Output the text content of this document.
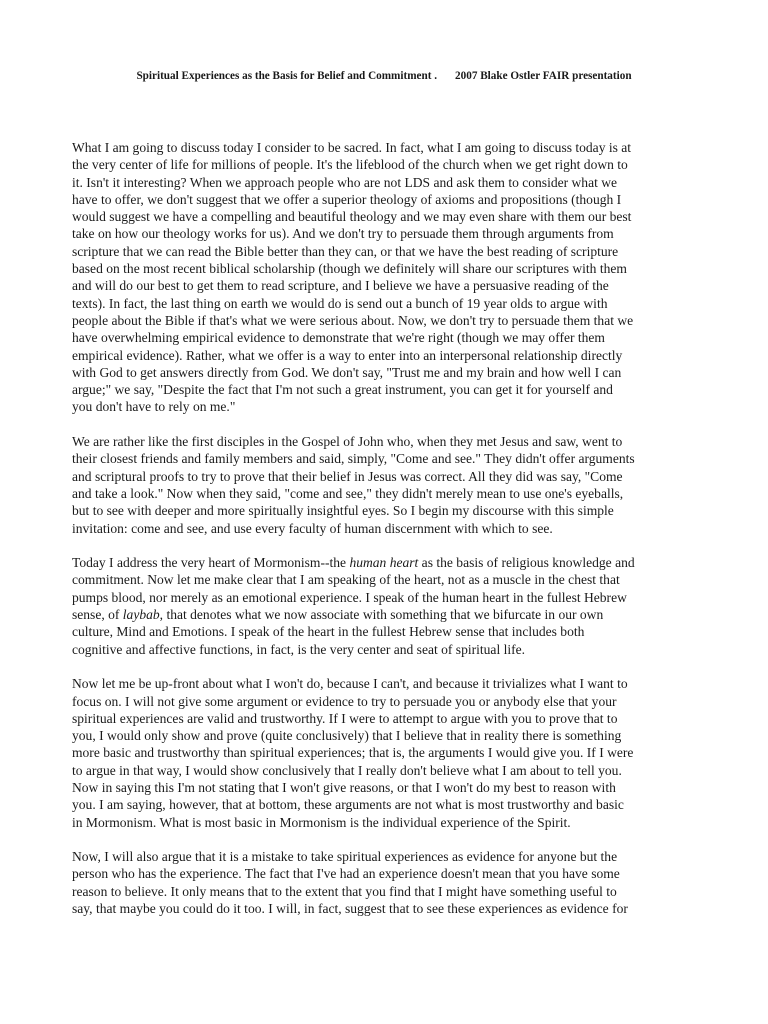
Spiritual Experiences as the Basis for Belief and Commitment . 2007 Blake Ostler FAIR presentation
What I am going to discuss today I consider to be sacred. In fact, what I am going to discuss today is at
the very center of life for millions of people. It's the lifeblood of the church when we get right down to
it. Isn't it interesting? When we approach people who are not LDS and ask them to consider what we
have to offer, we don't suggest that we offer a superior theology of axioms and propositions (though I
would suggest we have a compelling and beautiful theology and we may even share with them our best
take on how our theology works for us). And we don't try to persuade them through arguments from
scripture that we can read the Bible better than they can, or that we have the best reading of scripture
based on the most recent biblical scholarship (though we definitely will share our scriptures with them
and will do our best to get them to read scripture, and I believe we have a persuasive reading of the
texts). In fact, the last thing on earth we would do is send out a bunch of 19 year olds to argue with
people about the Bible if that's what we were serious about. Now, we don't try to persuade them that we
have overwhelming empirical evidence to demonstrate that we're right (though we may offer them
empirical evidence). Rather, what we offer is a way to enter into an interpersonal relationship directly
with God to get answers directly from God. We don't say, "Trust me and my brain and how well I can
argue;" we say, "Despite the fact that I'm not such a great instrument, you can get it for yourself and
you don't have to rely on me."
We are rather like the first disciples in the Gospel of John who, when they met Jesus and saw, went to
their closest friends and family members and said, simply, "Come and see." They didn't offer arguments
and scriptural proofs to try to prove that their belief in Jesus was correct. All they did was say, "Come
and take a look." Now when they said, "come and see," they didn't merely mean to use one's eyeballs,
but to see with deeper and more spiritually insightful eyes. So I begin my discourse with this simple
invitation: come and see, and use every faculty of human discernment with which to see.
Today I address the very heart of Mormonism--the human heart as the basis of religious knowledge and
commitment. Now let me make clear that I am speaking of the heart, not as a muscle in the chest that
pumps blood, nor merely as an emotional experience. I speak of the human heart in the fullest Hebrew
sense, of laybab, that denotes what we now associate with something that we bifurcate in our own
culture, Mind and Emotions. I speak of the heart in the fullest Hebrew sense that includes both
cognitive and affective functions, in fact, is the very center and seat of spiritual life.
Now let me be up-front about what I won't do, because I can't, and because it trivializes what I want to
focus on. I will not give some argument or evidence to try to persuade you or anybody else that your
spiritual experiences are valid and trustworthy. If I were to attempt to argue with you to prove that to
you, I would only show and prove (quite conclusively) that I believe that in reality there is something
more basic and trustworthy than spiritual experiences; that is, the arguments I would give you. If I were
to argue in that way, I would show conclusively that I really don't believe what I am about to tell you.
Now in saying this I'm not stating that I won't give reasons, or that I won't do my best to reason with
you. I am saying, however, that at bottom, these arguments are not what is most trustworthy and basic
in Mormonism. What is most basic in Mormonism is the individual experience of the Spirit.
Now, I will also argue that it is a mistake to take spiritual experiences as evidence for anyone but the
person who has the experience. The fact that I've had an experience doesn't mean that you have some
reason to believe. It only means that to the extent that you find that I might have something useful to
say, that maybe you could do it too. I will, in fact, suggest that to see these experiences as evidence for
